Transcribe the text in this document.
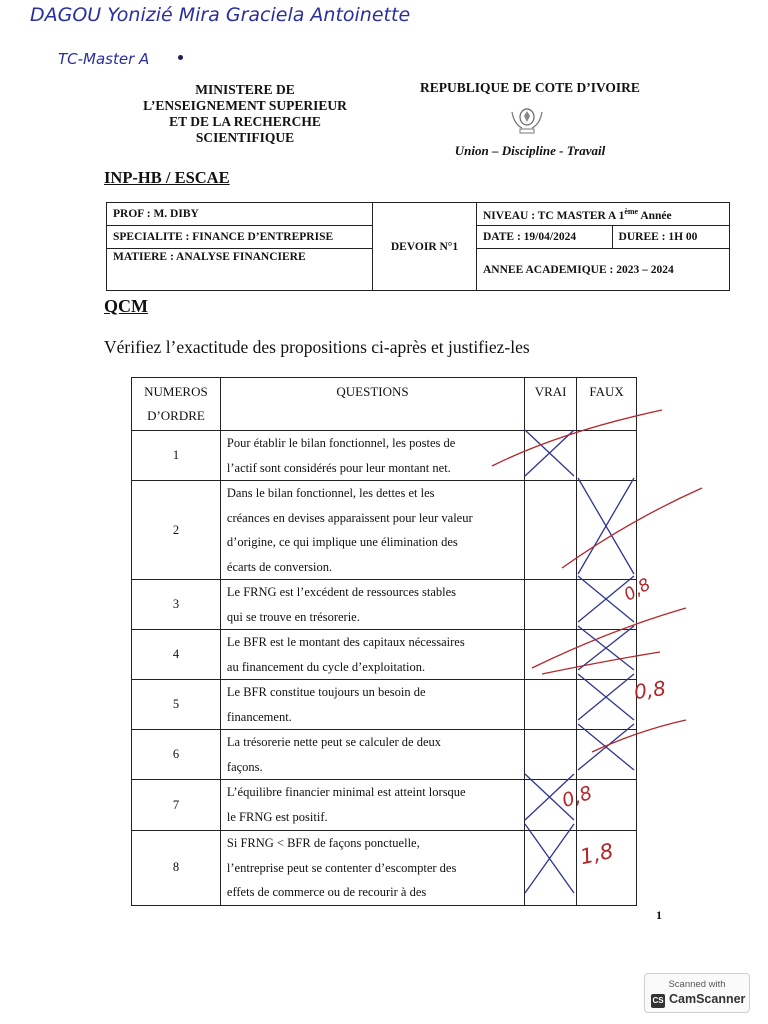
DAGOU Yonizié Mira Graciela Antoinette
TC-Master A
MINISTERE DE
L’ENSEIGNEMENT SUPERIEUR
ET DE LA RECHERCHE
SCIENTIFIQUE
REPUBLIQUE DE COTE D’IVOIRE
Union – Discipline - Travail
INP-HB / ESCAE
PROF : M. DIBY	DEVOIR N°1	NIVEAU : TC MASTER A 1ème Année	
SPECIALITE : FINANCE D’ENTREPRISE		DATE : 19/04/2024	DUREE : 1H 00
MATIERE : ANALYSE FINANCIERE		ANNEE ACADEMIQUE : 2023 – 2024	
QCM
Vérifiez l’exactitude des propositions ci-après et justifiez-les
NUMEROS
D’ORDRE	QUESTIONS	VRAI	FAUX
1	Pour établir le bilan fonctionnel, les postes de
l’actif sont considérés pour leur montant net.		

2	Dans le bilan fonctionnel, les dettes et les
créances en devises apparaissent pour leur valeur
d’origine, ce qui implique une élimination des
écarts de conversion.		

3	Le FRNG est l’excédent de ressources stables
qui se trouve en trésorerie.		

4	Le BFR est le montant des capitaux nécessaires
au financement du cycle d’exploitation.		

5	Le BFR constitue toujours un besoin de
financement.		

6	La trésorerie nette peut se calculer de deux
façons.		

7	L’équilibre financier minimal est atteint lorsque
le FRNG est positif.		

8	Si FRNG < BFR de façons ponctuelle,
l’entreprise peut se contenter d’escompter des
effets de commerce ou de recourir à des		

0,8
0,8
0,8
1,8
1
Scanned with
CS CamScanner
